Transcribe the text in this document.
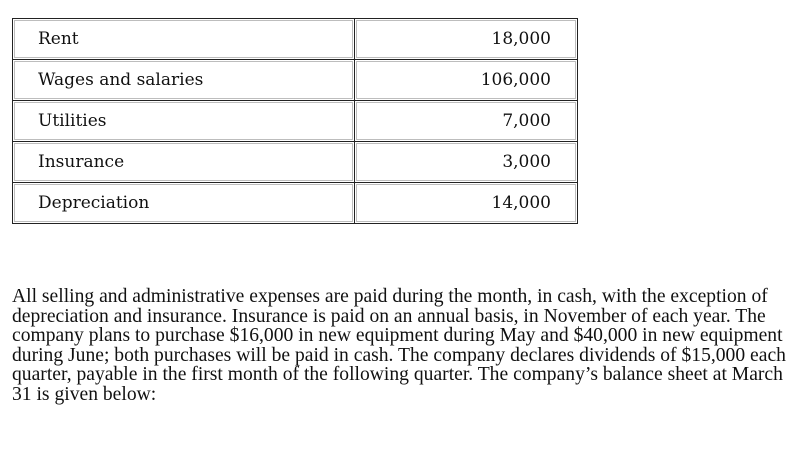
Rent	18,000
Wages and salaries	106,000
Utilities	7,000
Insurance	3,000
Depreciation	14,000

All selling and administrative expenses are paid during the month, in cash, with the exception of depreciation and insurance. Insurance is paid on an annual basis, in November of each year. The company plans to purchase $16,000 in new equipment during May and $40,000 in new equipment during June; both purchases will be paid in cash. The company declares dividends of $15,000 each quarter, payable in the first month of the following quarter. The company’s balance sheet at March 31 is given below:
